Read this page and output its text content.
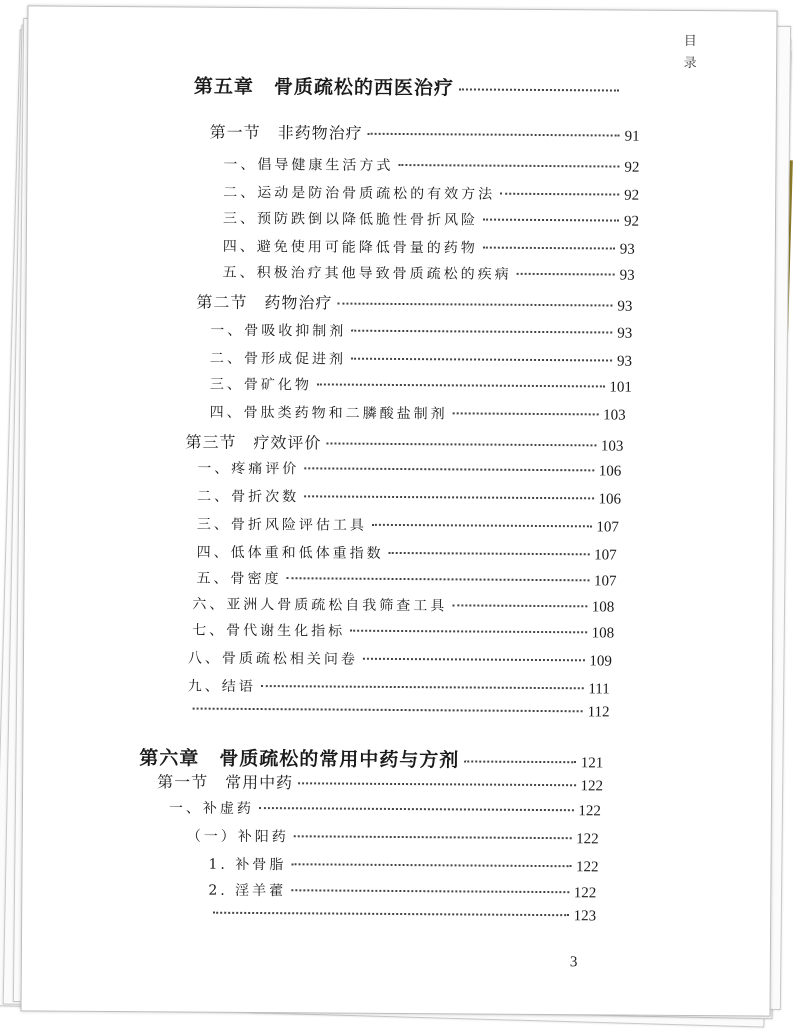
目
录
第五章　骨质疏松的西医治疗
第一节　非药物治疗	91
一、倡导健康生活方式	92
二、运动是防治骨质疏松的有效方法	92
三、预防跌倒以降低脆性骨折风险	92
四、避免使用可能降低骨量的药物	93
五、积极治疗其他导致骨质疏松的疾病	93
第二节　药物治疗	93
一、骨吸收抑制剂	93
二、骨形成促进剂	93
三、骨矿化物	101
四、骨肽类药物和二膦酸盐制剂	103
第三节　疗效评价	103
一、疼痛评价	106
二、骨折次数	106
三、骨折风险评估工具	107
四、低体重和低体重指数	107
五、骨密度	107
六、亚洲人骨质疏松自我筛查工具	108
七、骨代谢生化指标	108
八、骨质疏松相关问卷	109
九、结语	111
112
第六章　骨质疏松的常用中药与方剂	121
第一节　常用中药	122
一、补虚药	122
（一）补阳药	122
1. 补骨脂	122
2. 淫羊藿	122
123
3
